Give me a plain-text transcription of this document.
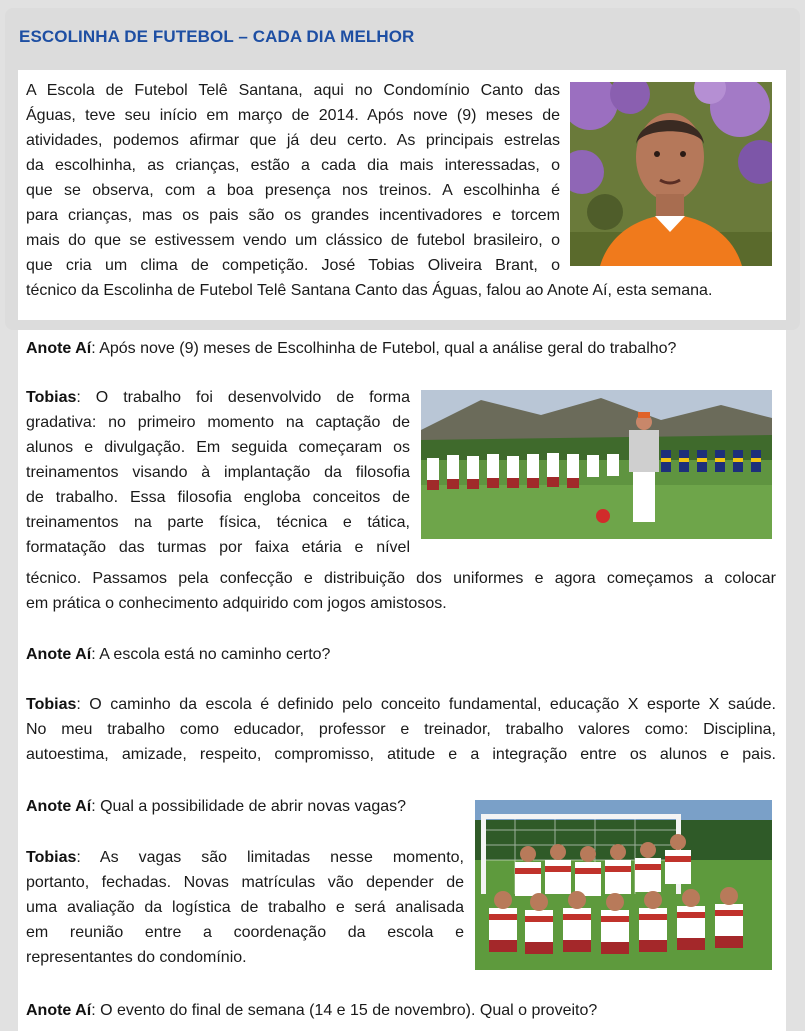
ESCOLINHA DE FUTEBOL – CADA DIA MELHOR

A Escola de Futebol Telê Santana, aqui no Condomínio Canto das

Águas, teve seu início em março de 2014. Após nove (9) meses de

atividades, podemos afirmar que já deu certo. As principais estrelas

da escolhinha, as crianças, estão a cada dia mais interessadas, o

que se observa, com a boa presença nos treinos. A escolhinha é

para crianças, mas os pais são os grandes incentivadores e torcem

mais do que se estivessem vendo um clássico de futebol brasileiro, o

que cria um clima de competição. José Tobias Oliveira Brant, o

técnico da Escolinha de Futebol Telê Santana Canto das Águas, falou ao Anote Aí, esta semana.

Anote Aí: Após nove (9) meses de Escolhinha de Futebol, qual a análise geral do trabalho?

Tobias: O trabalho foi desenvolvido de forma

gradativa: no primeiro momento na captação de

alunos e divulgação. Em seguida começaram os

treinamentos visando à implantação da filosofia

de trabalho. Essa filosofia engloba conceitos de

treinamentos na parte física, técnica e tática,

formatação das turmas por faixa etária e nível

técnico. Passamos pela confecção e distribuição dos uniformes e agora começamos a colocar

em prática o conhecimento adquirido com jogos amistosos.

Anote Aí: A escola está no caminho certo?

Tobias: O caminho da escola é definido pelo conceito fundamental, educação X esporte X saúde.

No meu trabalho como educador, professor e treinador, trabalho valores como: Disciplina,

autoestima, amizade, respeito, compromisso, atitude e a integração entre os alunos e pais.

Anote Aí: Qual a possibilidade de abrir novas vagas?

Tobias: As vagas são limitadas nesse momento,

portanto, fechadas. Novas matrículas vão depender de

uma avaliação da logística de trabalho e será analisada

em reunião entre a coordenação da escola e

representantes do condomínio.

Anote Aí: O evento do final de semana (14 e 15 de novembro). Qual o proveito?
